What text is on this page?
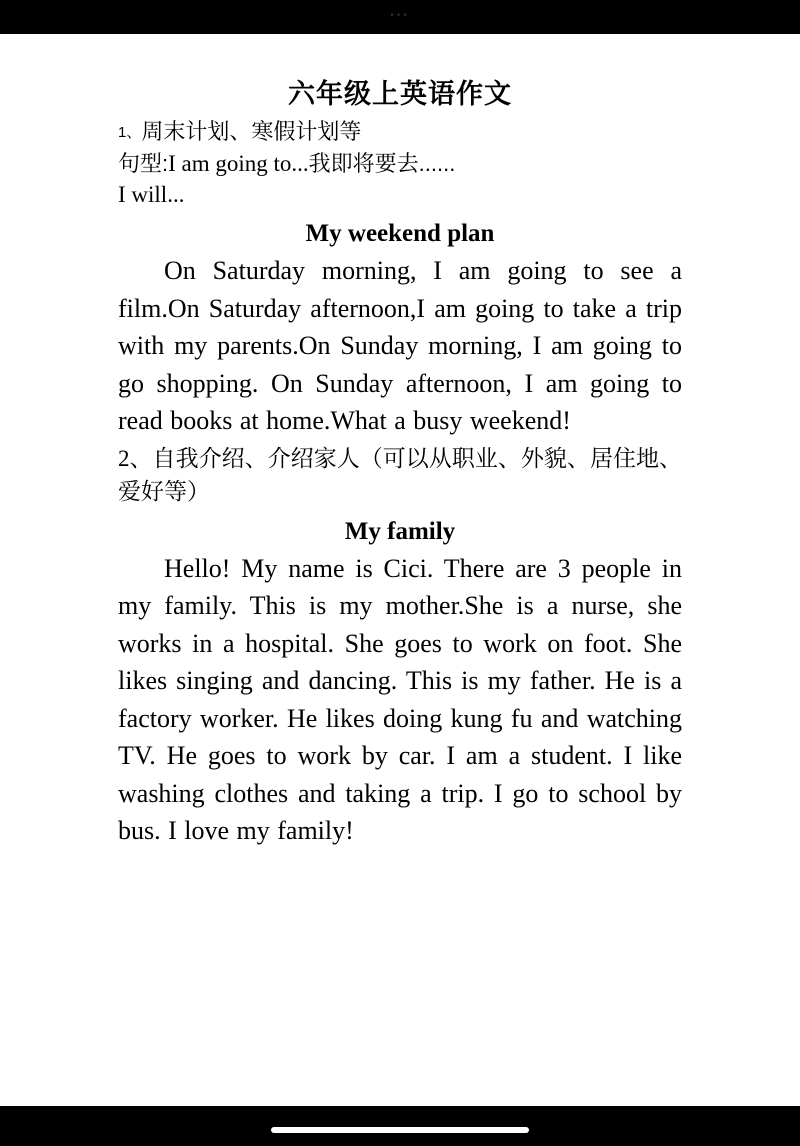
•••
六年级上英语作文

1、周末计划、寒假计划等

句型:I am going to...我即将要去......

I will...

My weekend plan

On Saturday morning, I am going to see a film.On Saturday afternoon,I am going to take a trip with my parents.On Sunday morning, I am going to go shopping. On Sunday afternoon, I am going to read books at home.What a busy weekend!

2、自我介绍、介绍家人（可以从职业、外貌、居住地、爱好等）

My family

Hello! My name is Cici. There are 3 people in my family. This is my mother.She is a nurse, she works in a hospital. She goes to work on foot. She likes singing and dancing. This is my father. He is a factory worker. He likes doing kung fu and watching TV. He goes to work by car. I am a student. I like washing clothes and taking a trip. I go to school by bus. I love my family!
